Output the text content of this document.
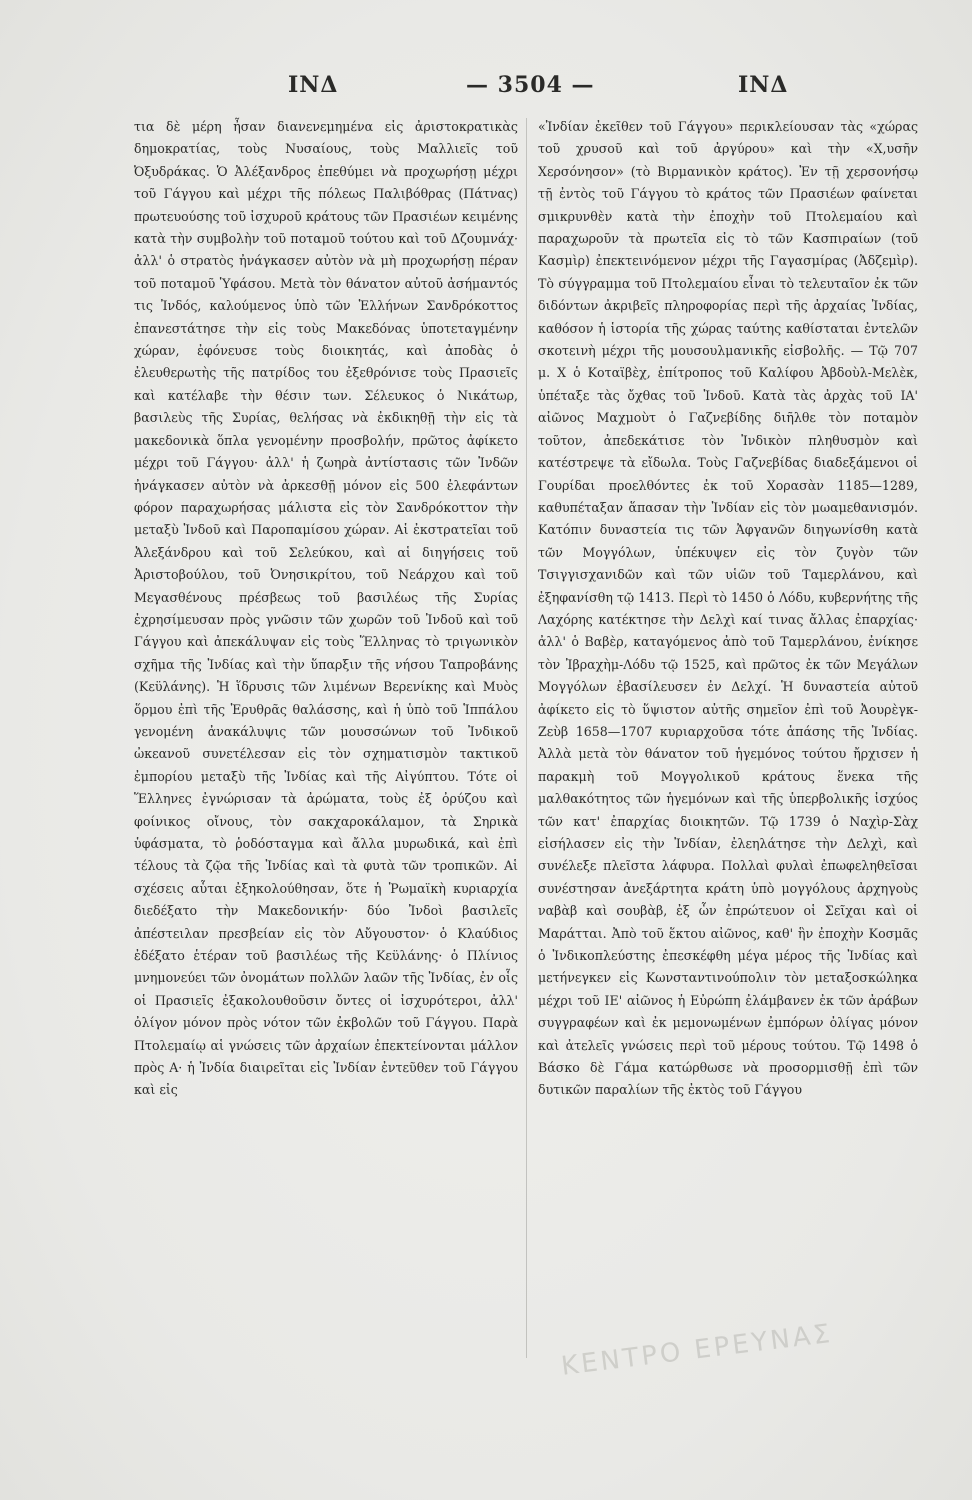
ΙΝΔ	— 3504 —	ΙΝΔ

τια δὲ μέρη ἦσαν διανενεμημένα εἰς ἀριστοκρατικὰς δημοκρατίας, τοὺς Νυσαίους, τοὺς Μαλλιεῖς τοῦ Ὀξυδράκας. Ὁ Ἀλέξανδρος ἐπεθύμει νὰ προχωρήσῃ μέχρι τοῦ Γάγγου καὶ μέχρι τῆς πόλεως Παλιβόθρας (Πάτνας) πρωτευούσης τοῦ ἰσχυροῦ κράτους τῶν Πρασιέων κειμένης κατὰ τὴν συμβολὴν τοῦ ποταμοῦ τούτου καὶ τοῦ Δζουμνάχ· ἀλλ' ὁ στρατὸς ἠνάγκασεν αὐτὸν νὰ μὴ προχωρήσῃ πέραν τοῦ ποταμοῦ Ὑφάσου. Μετὰ τὸν θάνατον αὐτοῦ ἀσήμαντός τις Ἰνδός, καλούμενος ὑπὸ τῶν Ἑλλήνων Σανδρόκοττος ἐπανεστάτησε τὴν εἰς τοὺς Μακεδόνας ὑποτεταγμένην χώραν, ἐφόνευσε τοὺς διοικητάς, καὶ ἀποδὰς ὁ ἐλευθερωτὴς τῆς πατρίδος του ἐξεθρόνισε τοὺς Πρασιεῖς καὶ κατέλαβε τὴν θέσιν των. Σέλευκος ὁ Νικάτωρ, βασιλεὺς τῆς Συρίας, θελήσας νὰ ἐκδικηθῇ τὴν εἰς τὰ μακεδονικὰ ὅπλα γενομένην προσβολήν, πρῶτος ἀφίκετο μέχρι τοῦ Γάγγου· ἀλλ' ἡ ζωηρὰ ἀντίστασις τῶν Ἰνδῶν ἠνάγκασεν αὐτὸν νὰ ἀρκεσθῇ μόνον εἰς 500 ἐλεφάντων φόρον παραχωρήσας μάλιστα εἰς τὸν Σανδρόκοττον τὴν μεταξὺ Ἰνδοῦ καὶ Παροπαμίσου χώραν. Αἱ ἐκστρατεῖαι τοῦ Ἀλεξάνδρου καὶ τοῦ Σελεύκου, καὶ αἱ διηγήσεις τοῦ Ἀριστοβούλου, τοῦ Ὀνησικρίτου, τοῦ Νεάρχου καὶ τοῦ Μεγασθένους πρέσβεως τοῦ βασιλέως τῆς Συρίας ἐχρησίμευσαν πρὸς γνῶσιν τῶν χωρῶν τοῦ Ἰνδοῦ καὶ τοῦ Γάγγου καὶ ἀπεκάλυψαν εἰς τοὺς Ἕλληνας τὸ τριγωνικὸν σχῆμα τῆς Ἰνδίας καὶ τὴν ὕπαρξιν τῆς νήσου Ταπροβάνης (Κεϋλάνης). Ἡ ἵδρυσις τῶν λιμένων Βερενίκης καὶ Μυὸς ὅρμου ἐπὶ τῆς Ἐρυθρᾶς θαλάσσης, καὶ ἡ ὑπὸ τοῦ Ἱππάλου γενομένη ἀνακάλυψις τῶν μουσσώνων τοῦ Ἰνδικοῦ ὠκεανοῦ συνετέλεσαν εἰς τὸν σχηματισμὸν τακτικοῦ ἐμπορίου μεταξὺ τῆς Ἰνδίας καὶ τῆς Αἰγύπτου. Τότε οἱ Ἕλληνες ἐγνώρισαν τὰ ἀρώματα, τοὺς ἐξ ὀρύζου καὶ φοίνικος οἴνους, τὸν σακχαροκάλαμον, τὰ Σηρικὰ ὑφάσματα, τὸ ῥοδόσταγμα καὶ ἄλλα μυρωδικά, καὶ ἐπὶ τέλους τὰ ζῷα τῆς Ἰνδίας καὶ τὰ φυτὰ τῶν τροπικῶν. Αἱ σχέσεις αὗται ἐξηκολούθησαν, ὅτε ἡ Ῥωμαϊκὴ κυριαρχία διεδέξατο τὴν Μακεδονικήν· δύο Ἰνδοὶ βασιλεῖς ἀπέστειλαν πρεσβείαν εἰς τὸν Αὔγουστον· ὁ Κλαύδιος ἐδέξατο ἑτέραν τοῦ βασιλέως τῆς Κεϋλάνης· ὁ Πλίνιος μνημονεύει τῶν ὀνομάτων πολλῶν λαῶν τῆς Ἰνδίας, ἐν οἷς οἱ Πρασιεῖς ἐξακολουθοῦσιν ὄντες οἱ ἰσχυρότεροι, ἀλλ' ὀλίγον μόνον πρὸς νότον τῶν ἐκβολῶν τοῦ Γάγγου. Παρὰ Πτολεμαίῳ αἱ γνώσεις τῶν ἀρχαίων ἐπεκτείνονται μάλλον πρὸς Α· ἡ Ἰνδία διαιρεῖται εἰς Ἰνδίαν ἐντεῦθεν τοῦ Γάγγου καὶ εἰς

«Ἰνδίαν ἐκεῖθεν τοῦ Γάγγου» περικλείουσαν τὰς «χώρας τοῦ χρυσοῦ καὶ τοῦ ἀργύρου» καὶ τὴν «Χ,υσῆν Χερσόνησον» (τὸ Βιρμανικὸν κράτος). Ἐν τῇ χερσονήσῳ τῇ ἐντὸς τοῦ Γάγγου τὸ κράτος τῶν Πρασιέων φαίνεται σμικρυνθὲν κατὰ τὴν ἐποχὴν τοῦ Πτολεμαίου καὶ παραχωροῦν τὰ πρωτεῖα εἰς τὸ τῶν Κασπιραίων (τοῦ Κασμὶρ) ἐπεκτεινόμενον μέχρι τῆς Γαγασμίρας (Ἀδζεμὶρ). Τὸ σύγγραμμα τοῦ Πτολεμαίου εἶναι τὸ τελευταῖον ἐκ τῶν διδόντων ἀκριβεῖς πληροφορίας περὶ τῆς ἀρχαίας Ἰνδίας, καθόσον ἡ ἱστορία τῆς χώρας ταύτης καθίσταται ἐντελῶν σκοτεινὴ μέχρι τῆς μουσουλμανικῆς εἰσβολῆς. — Τῷ 707 μ. Χ ὁ Κοταϊβὲχ, ἐπίτροπος τοῦ Καλίφου Ἀβδοὺλ-Μελὲκ, ὑπέταξε τὰς ὄχθας τοῦ Ἰνδοῦ. Κατὰ τὰς ἀρχὰς τοῦ ΙΑ' αἰῶνος Μαχμοὺτ ὁ Γαζνεβίδης διῆλθε τὸν ποταμὸν τοῦτον, ἀπεδεκάτισε τὸν Ἰνδικὸν πληθυσμὸν καὶ κατέστρεψε τὰ εἴδωλα. Τοὺς Γαζνεβίδας διαδεξάμενοι οἱ Γουρίδαι προελθόντες ἐκ τοῦ Χορασὰν 1185—1289, καθυπέταξαν ἅπασαν τὴν Ἰνδίαν εἰς τὸν μωαμεθανισμόν. Κατόπιν δυναστεία τις τῶν Ἀφγανῶν διηγωνίσθη κατὰ τῶν Μογγόλων, ὑπέκυψεν εἰς τὸν ζυγὸν τῶν Τσιγγισχανιδῶν καὶ τῶν υἱῶν τοῦ Ταμερλάνου, καὶ ἐξηφανίσθη τῷ 1413. Περὶ τὸ 1450 ὁ Λόδυ, κυβερνήτης τῆς Λαχόρης κατέκτησε τὴν Δελχὶ καί τινας ἄλλας ἐπαρχίας· ἀλλ' ὁ Βαβὲρ, καταγόμενος ἀπὸ τοῦ Ταμερλάνου, ἐνίκησε τὸν Ἰβραχὴμ-Λόδυ τῷ 1525, καὶ πρῶτος ἐκ τῶν Μεγάλων Μογγόλων ἐβασίλευσεν ἐν Δελχί. Ἡ δυναστεία αὐτοῦ ἀφίκετο εἰς τὸ ὕψιστον αὐτῆς σημεῖον ἐπὶ τοῦ Ἀουρὲγκ-Ζεὺβ 1658—1707 κυριαρχοῦσα τότε ἁπάσης τῆς Ἰνδίας. Ἀλλὰ μετὰ τὸν θάνατον τοῦ ἡγεμόνος τούτου ἤρχισεν ἡ παρακμὴ τοῦ Μογγολικοῦ κράτους ἕνεκα τῆς μαλθακότητος τῶν ἡγεμόνων καὶ τῆς ὑπερβολικῆς ἰσχύος τῶν κατ' ἐπαρχίας διοικητῶν. Τῷ 1739 ὁ Ναχὶρ-Σὰχ εἰσήλασεν εἰς τὴν Ἰνδίαν, ἐλεηλάτησε τὴν Δελχὶ, καὶ συνέλεξε πλεῖστα λάφυρα. Πολλαὶ φυλαὶ ἐπωφεληθεῖσαι συνέστησαν ἀνεξάρτητα κράτη ὑπὸ μογγόλους ἀρχηγοὺς ναβὰβ καὶ σουβὰβ, ἐξ ὧν ἐπρώτευον οἱ Σεῖχαι καὶ οἱ Μαράτται. Ἀπὸ τοῦ ἕκτου αἰῶνος, καθ' ἣν ἐποχὴν Κοσμᾶς ὁ Ἰνδικοπλεύστης ἐπεσκέφθη μέγα μέρος τῆς Ἰνδίας καὶ μετήνεγκεν εἰς Κωνσταντινούπολιν τὸν μεταξοσκώληκα μέχρι τοῦ ΙΕ' αἰῶνος ἡ Εὐρώπη ἐλάμβανεν ἐκ τῶν ἀράβων συγγραφέων καὶ ἐκ μεμονωμένων ἐμπόρων ὀλίγας μόνον καὶ ἀτελεῖς γνώσεις περὶ τοῦ μέρους τούτου. Τῷ 1498 ὁ Βάσκο δὲ Γάμα κατώρθωσε νὰ προσορμισθῇ ἐπὶ τῶν δυτικῶν παραλίων τῆς ἐκτὸς τοῦ Γάγγου

KENTPO EPEYNAΣ
